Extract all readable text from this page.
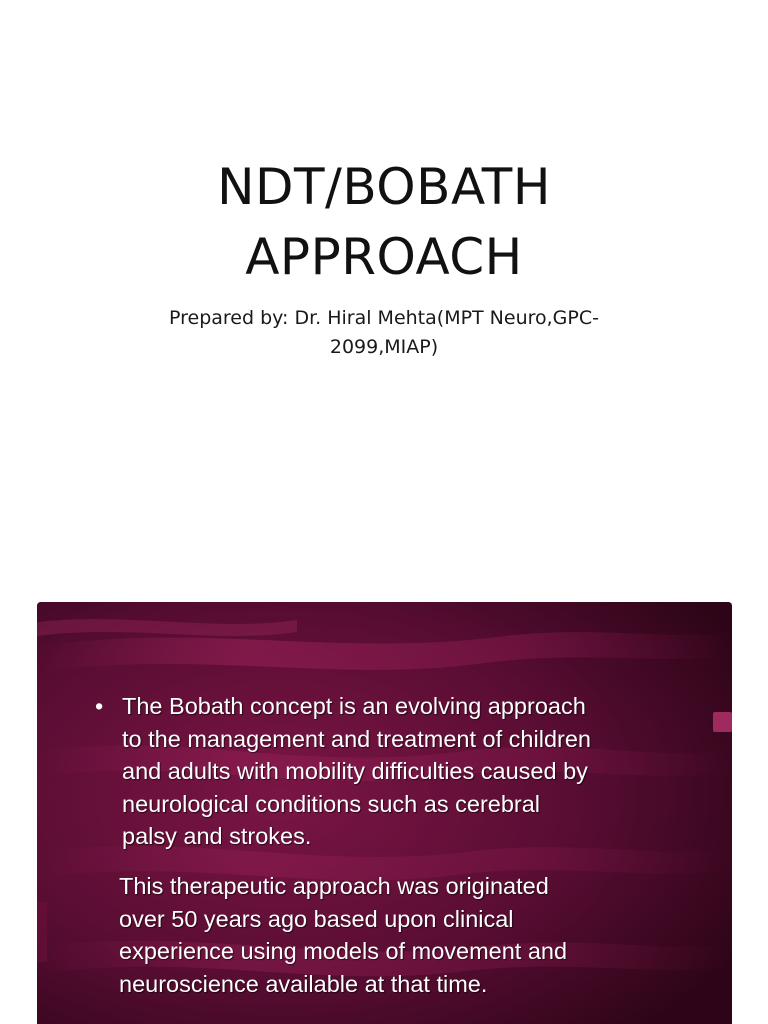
NDT/BOBATH
APPROACH
Prepared by: Dr. Hiral Mehta(MPT Neuro,GPC-
2099,MIAP)
• The Bobath concept is an evolving approach
to the management and treatment of children
and adults with mobility difficulties caused by
neurological conditions such as cerebral
palsy and strokes.
This therapeutic approach was originated
over 50 years ago based upon clinical
experience using models of movement and
neuroscience available at that time.
